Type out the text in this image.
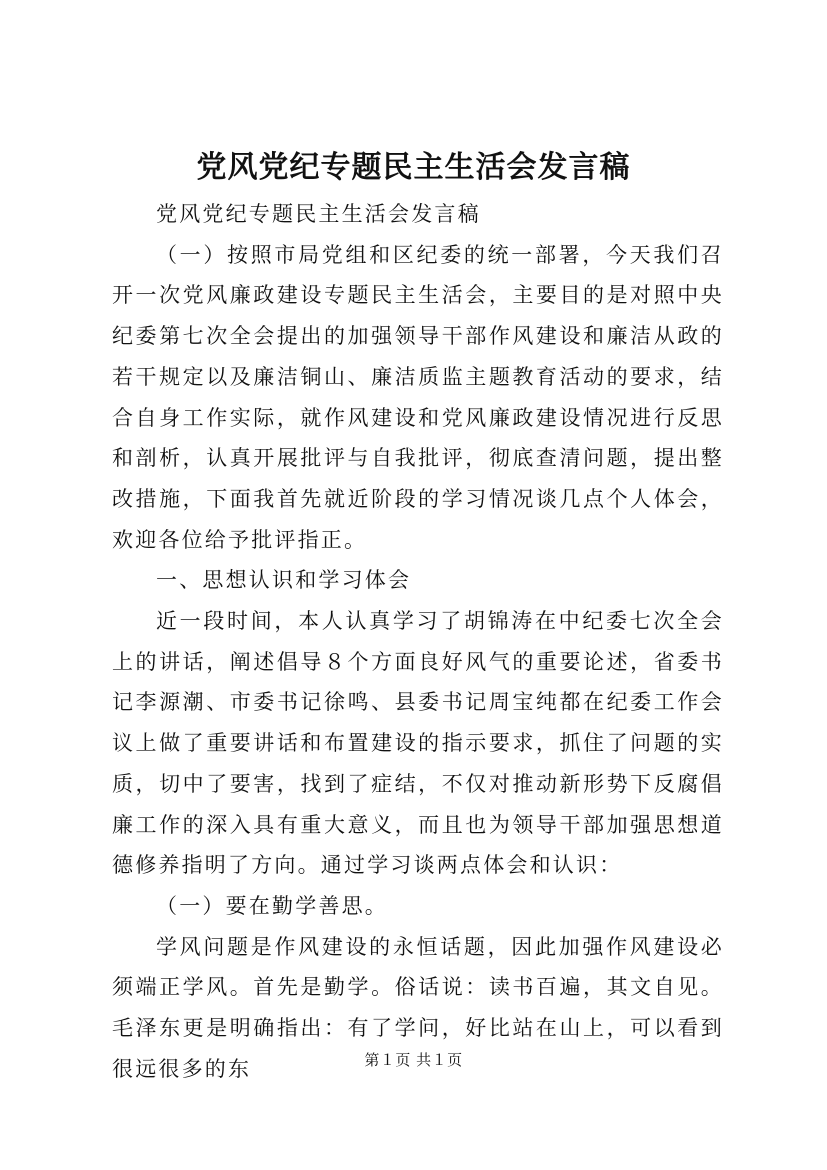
党风党纪专题民主生活会发言稿

党风党纪专题民主生活会发言稿

（一）按照市局党组和区纪委的统一部署，今天我们召开一次党风廉政建设专题民主生活会，主要目的是对照中央纪委第七次全会提出的加强领导干部作风建设和廉洁从政的若干规定以及廉洁铜山、廉洁质监主题教育活动的要求，结合自身工作实际，就作风建设和党风廉政建设情况进行反思和剖析，认真开展批评与自我批评，彻底查清问题，提出整改措施，下面我首先就近阶段的学习情况谈几点个人体会，欢迎各位给予批评指正。

一、思想认识和学习体会

近一段时间，本人认真学习了胡锦涛在中纪委七次全会上的讲话，阐述倡导８个方面良好风气的重要论述，省委书记李源潮、市委书记徐鸣、县委书记周宝纯都在纪委工作会议上做了重要讲话和布置建设的指示要求，抓住了问题的实质，切中了要害，找到了症结，不仅对推动新形势下反腐倡廉工作的深入具有重大意义，而且也为领导干部加强思想道德修养指明了方向。通过学习谈两点体会和认识：

（一）要在勤学善思。

学风问题是作风建设的永恒话题，因此加强作风建设必须端正学风。首先是勤学。俗话说：读书百遍，其文自见。毛泽东更是明确指出：有了学问，好比站在山上，可以看到很远很多的东	第１页 共１页
